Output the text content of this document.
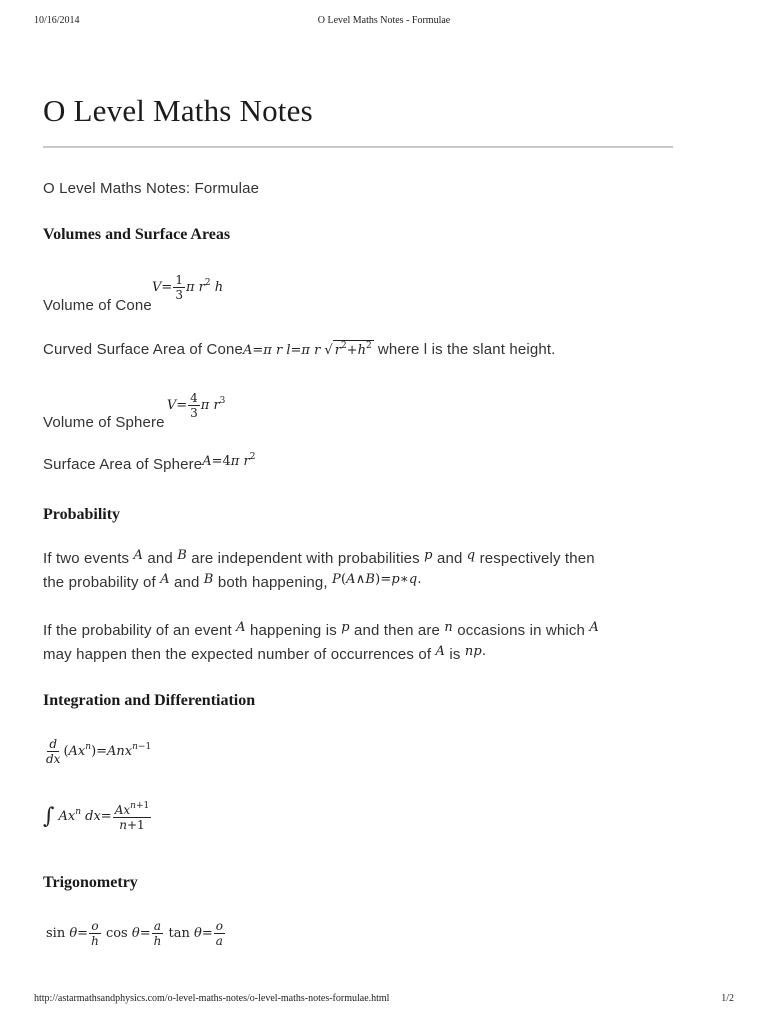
10/16/2014	O Level Maths Notes - Formulae
O Level Maths Notes
O Level Maths Notes: Formulae
Volumes and Surface Areas
Volume of Cone $V= \frac{1}{3}$ π $r^2$ h
Curved Surface Area of ConeA=π r l=π r √ $r^2+h^2$ where l is the slant height.
Volume of Sphere $V= \frac{4}{3}$ π $r^3$
Surface Area of SphereA=4π $r^2$
Probability
If two events A and B are independent with probabilities p and q respectively then
the probability of A and B both happening, P(A∧B)=p∗q.
If the probability of an event A happening is p and then are n occasions in which A
may happen then the expected number of occurrences of A is np.
Integration and Differentiation
$\frac{d}{dx} (Ax^n)=Anx^{n-1}$
∫ Ax$^n$ $dx= \frac{Ax^{n+1}}{n+1}$
Trigonometry
$\sin \theta= \frac{o}{h}$ $\cos \theta= \frac{a}{h}$ $\tan \theta= \frac{o}{a}$
http://astarmathsandphysics.com/o-level-maths-notes/o-level-maths-notes-formulae.html	1/2
